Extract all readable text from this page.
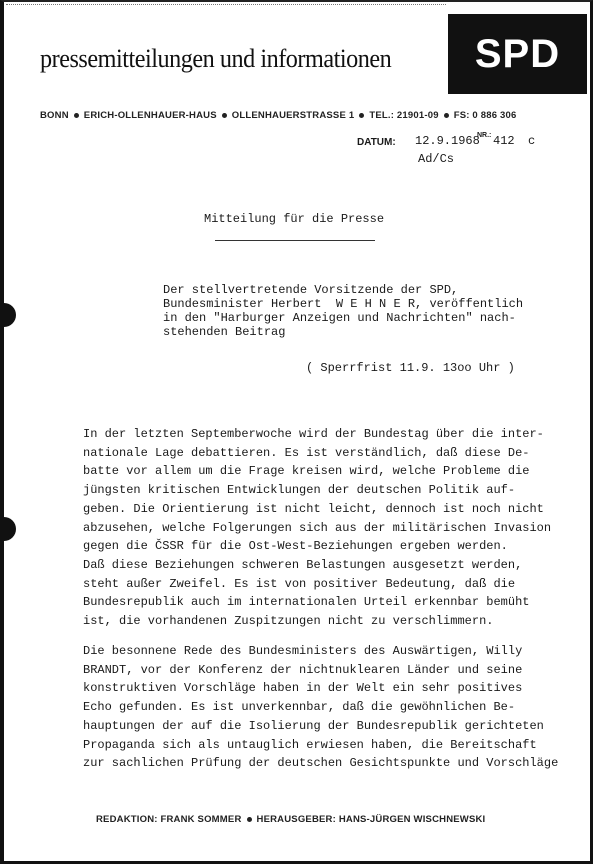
pressemitteilungen und informationen	SPD
BONN ERICH-OLLENHAUER-HAUS OLLENHAUERSTRASSE 1 TEL.: 21901-09 FS: 0 886 306
DATUM: 12.9.1968
NR.: 412 c
Ad/Cs
Mitteilung für die Presse
Der stellvertretende Vorsitzende der SPD,
Bundesminister Herbert  W E H N E R, veröffentlich
in den "Harburger Anzeigen und Nachrichten" nach-
stehenden Beitrag
( Sperrfrist 11.9. 13oo Uhr )
In der letzten Septemberwoche wird der Bundestag über die inter-
nationale Lage debattieren. Es ist verständlich, daß diese De-
batte vor allem um die Frage kreisen wird, welche Probleme die
jüngsten kritischen Entwicklungen der deutschen Politik auf-
geben. Die Orientierung ist nicht leicht, dennoch ist noch nicht
abzusehen, welche Folgerungen sich aus der militärischen Invasion
gegen die ČSSR für die Ost-West-Beziehungen ergeben werden.
Daß diese Beziehungen schweren Belastungen ausgesetzt werden,
steht außer Zweifel. Es ist von positiver Bedeutung, daß die
Bundesrepublik auch im internationalen Urteil erkennbar bemüht
ist, die vorhandenen Zuspitzungen nicht zu verschlimmern.
Die besonnene Rede des Bundesministers des Auswärtigen, Willy
BRANDT, vor der Konferenz der nichtnuklearen Länder und seine
konstruktiven Vorschläge haben in der Welt ein sehr positives
Echo gefunden. Es ist unverkennbar, daß die gewöhnlichen Be-
hauptungen der auf die Isolierung der Bundesrepublik gerichteten
Propaganda sich als untauglich erwiesen haben, die Bereitschaft
zur sachlichen Prüfung der deutschen Gesichtspunkte und Vorschläge
REDAKTION: FRANK SOMMER HERAUSGEBER: HANS-JÜRGEN WISCHNEWSKI
